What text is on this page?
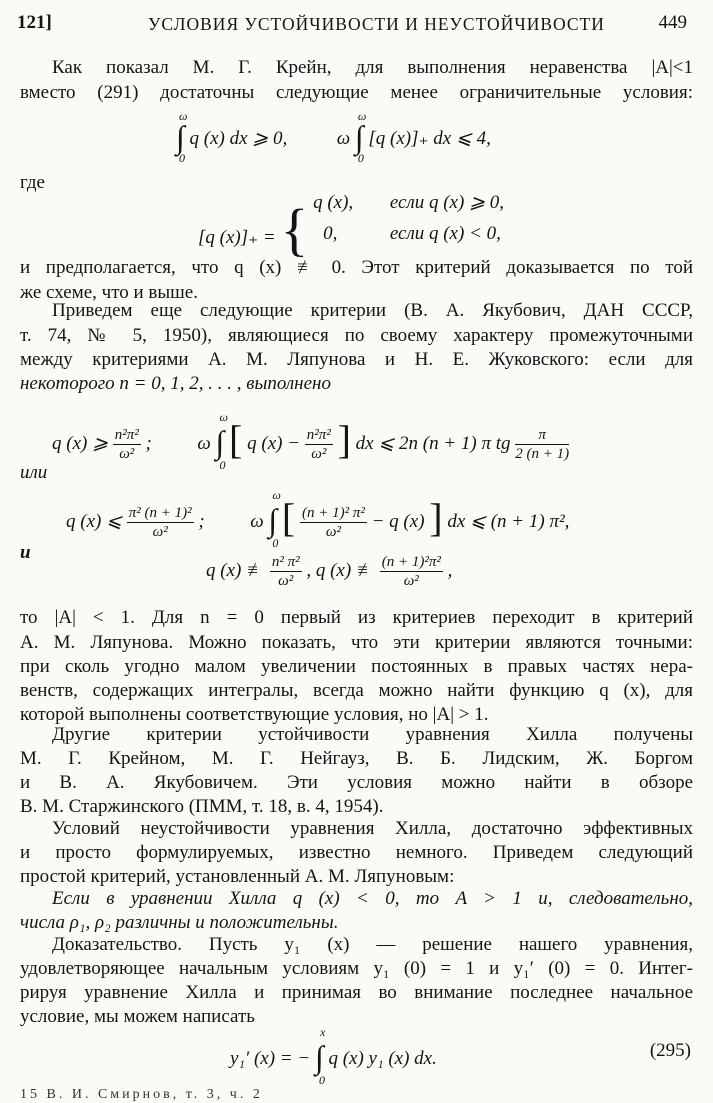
121]	УСЛОВИЯ УСТОЙЧИВОСТИ И НЕУСТОЙЧИВОСТИ	449
Как показал М. Г. Крейн, для выполнения неравенства |A|<1
вместо (291) достаточны следующие менее ограничительные условия:
ω
∫
0
q (x) dx ⩾ 0,	ω
ω
∫
0
[q (x)]₊ dx ⩽ 4,
где
[q (x)]₊ = { q (x), если q (x) ⩾ 0,
0,	если q (x) < 0,
и предполагается, что q (x) ≢ 0. Этот критерий доказывается по той
же схеме, что и выше.
Приведем еще следующие критерии (В. А. Якубович, ДАН СССР,
т. 74, № 5, 1950), являющиеся по своему характеру промежуточными
между критериями А. М. Ляпунова и Н. Е. Жуковского: если для
некоторого n = 0, 1, 2, . . . , выполнено
q (x) ⩾ $\frac{\text{n²π²}}{\text{ω²}}$ ; ω
ω
∫
0
[ q $(x) - \frac{\text{n²π²}}{\text{ω²}}$ ] dx ⩽ 2n (n + 1) π tg $\frac{\pi}{2 (n + 1)}$
или
q (x) ⩽ $\frac{\text{π² (n + 1)²}}{\text{ω²}}$ ; ω
ω
∫
0
[ $\frac{\text{(n + 1)² π²}}{\text{ω²}} - q$ (x) ] dx ⩽ (n + 1) π²,
и
q (x) ≢ $\frac{\text{n² π²}}{\text{ω²}}$ , q (x) ≢ $\frac{\text{(n + 1)²π²}}{\text{ω²}}$ ,
то |A| < 1. Для n = 0 первый из критериев переходит в критерий
А. М. Ляпунова. Можно показать, что эти критерии являются точными:
при сколь угодно малом увеличении постоянных в правых частях нера-
венств, содержащих интегралы, всегда можно найти функцию q (x), для
которой выполнены соответствующие условия, но |A| > 1.
Другие критерии устойчивости уравнения Хилла получены
М. Г. Крейном, М. Г. Нейгауз, В. Б. Лидским, Ж. Боргом
и В. А. Якубовичем. Эти условия можно найти в обзоре
В. М. Старжинского (ПММ, т. 18, в. 4, 1954).
Условий неустойчивости уравнения Хилла, достаточно эффективных
и просто формулируемых, известно немного. Приведем следующий
простой критерий, установленный А. М. Ляпуновым:
Если в уравнении Хилла q (x) < 0, то A > 1 и, следовательно,
числа ρ₁, ρ₂ различны и положительны.
Доказательство. Пусть y₁ (x) — решение нашего уравнения,
удовлетворяющее начальным условиям y₁ (0) = 1 и y₁′ (0) = 0. Интег-
рируя уравнение Хилла и принимая во внимание последнее начальное
условие, мы можем написать
y₁′ (x) = −
x
∫
0
q (x) y₁ (x) dx.	(295)
15 В. И. Смирнов, т. 3, ч. 2
